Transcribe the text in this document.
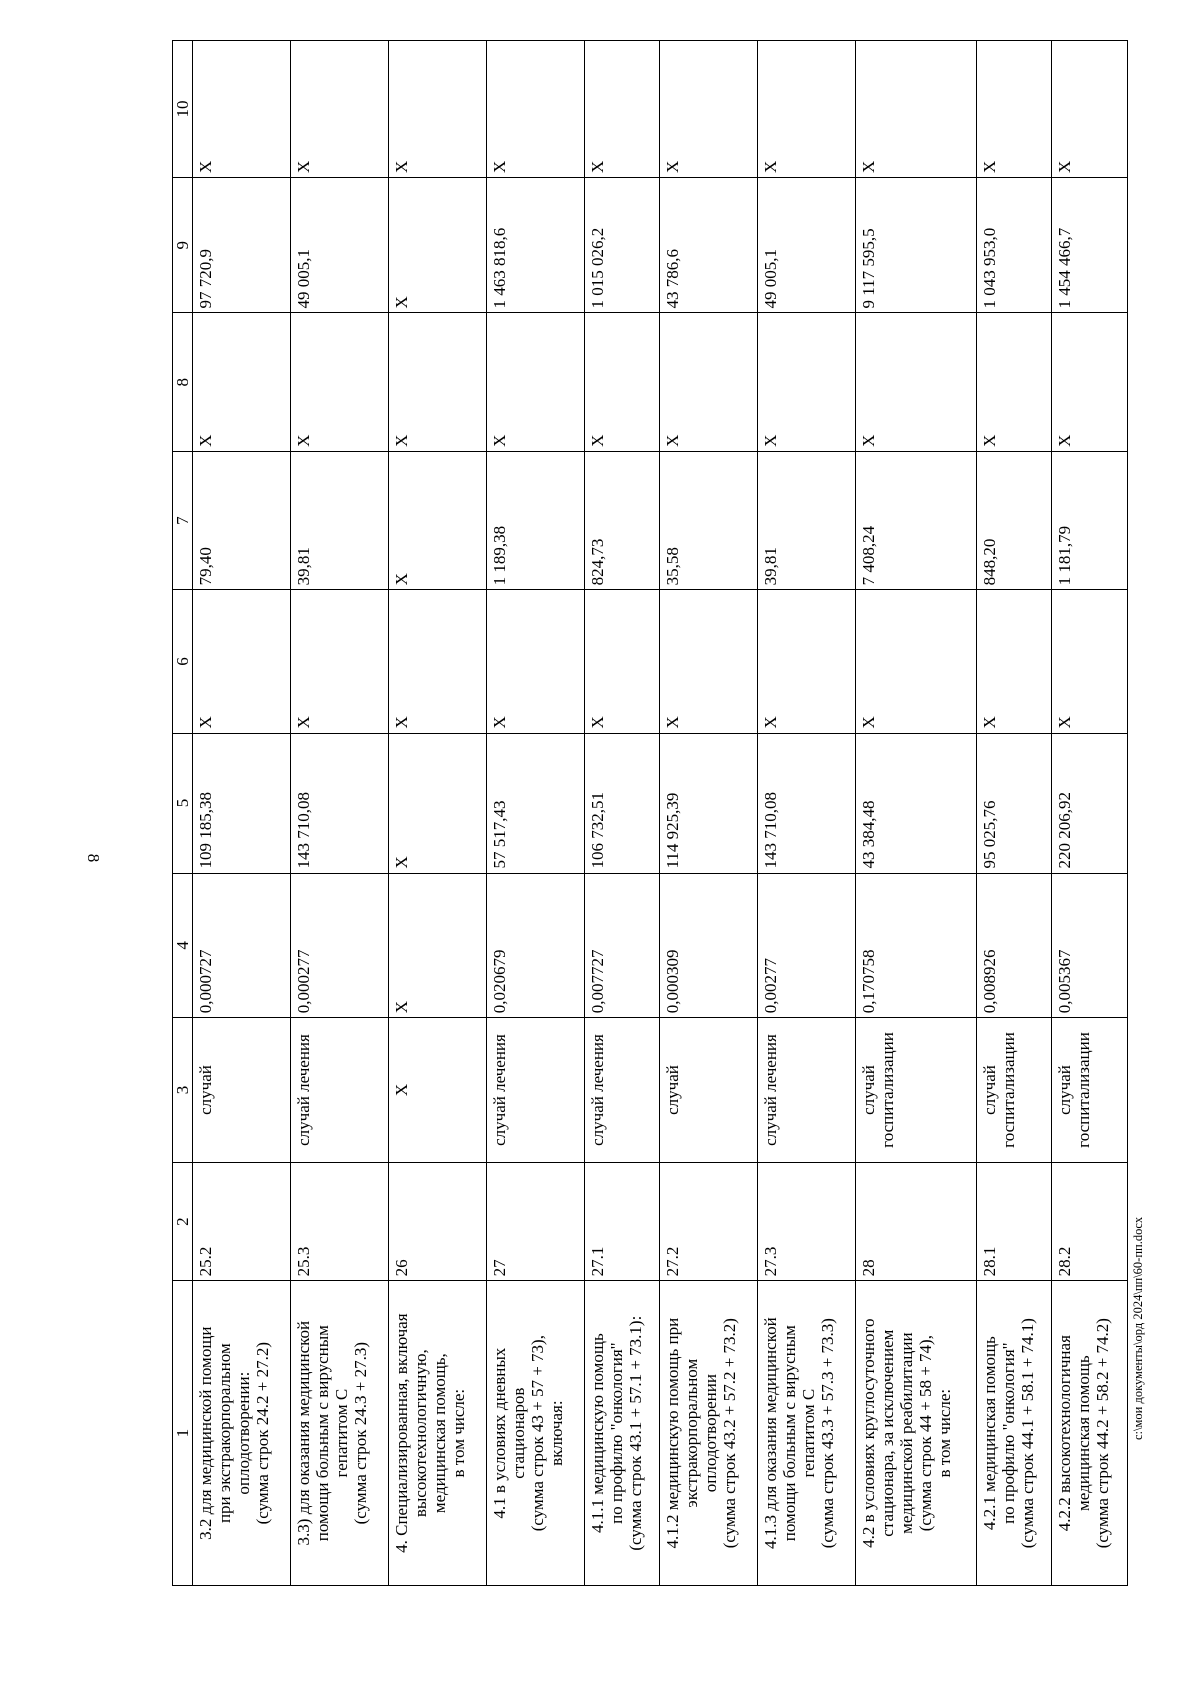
8
1	2	3	4	5	6	7	8	9	10

3.2 для медицинской помощи при экстракорпоральном оплодотворении: (сумма строк 24.2 + 27.2)	25.2	случай	0,000727	109 185,38	X	79,40	X	97 720,9	X

3.3) для оказания медицинской помощи больным с вирусным гепатитом С (сумма строк 24.3 + 27.3)	25.3	случай лечения	0,000277	143 710,08	X	39,81	X	49 005,1	X

4. Специализированная, включая высокотехнологичную, медицинская помощь, в том числе:	26	X	X	X	X	X	X	X	X

4.1 в условиях дневных стационаров (сумма строк 43 + 57 + 73), включая:	27	случай лечения	0,020679	57 517,43	X	1 189,38	X	1 463 818,6	X

4.1.1 медицинскую помощь по профилю "онкология" (сумма строк 43.1 + 57.1 + 73.1):	27.1	случай лечения	0,007727	106 732,51	X	824,73	X	1 015 026,2	X

4.1.2 медицинскую помощь при экстракорпоральном оплодотворении (сумма строк 43.2 + 57.2 + 73.2)	27.2	случай	0,000309	114 925,39	X	35,58	X	43 786,6	X

4.1.3 для оказания медицинской помощи больным с вирусным гепатитом С (сумма строк 43.3 + 57.3 + 73.3)	27.3	случай лечения	0,00277	143 710,08	X	39,81	X	49 005,1	X

4.2 в условиях круглосуточного стационара, за исключением медицинской реабилитации (сумма строк 44 + 58 + 74), в том числе:	28	случай госпитализации	0,170758	43 384,48	X	7 408,24	X	9 117 595,5	X

4.2.1 медицинская помощь по профилю "онкология" (сумма строк 44.1 + 58.1 + 74.1)	28.1	случай госпитализации	0,008926	95 025,76	X	848,20	X	1 043 953,0	X

4.2.2 высокотехнологичная медицинская помощь (сумма строк 44.2 + 58.2 + 74.2)	28.2	случай госпитализации	0,005367	220 206,92	X	1 181,79	X	1 454 466,7	X
c:\мои документы\орд 2024\пп\60-пп.docx
